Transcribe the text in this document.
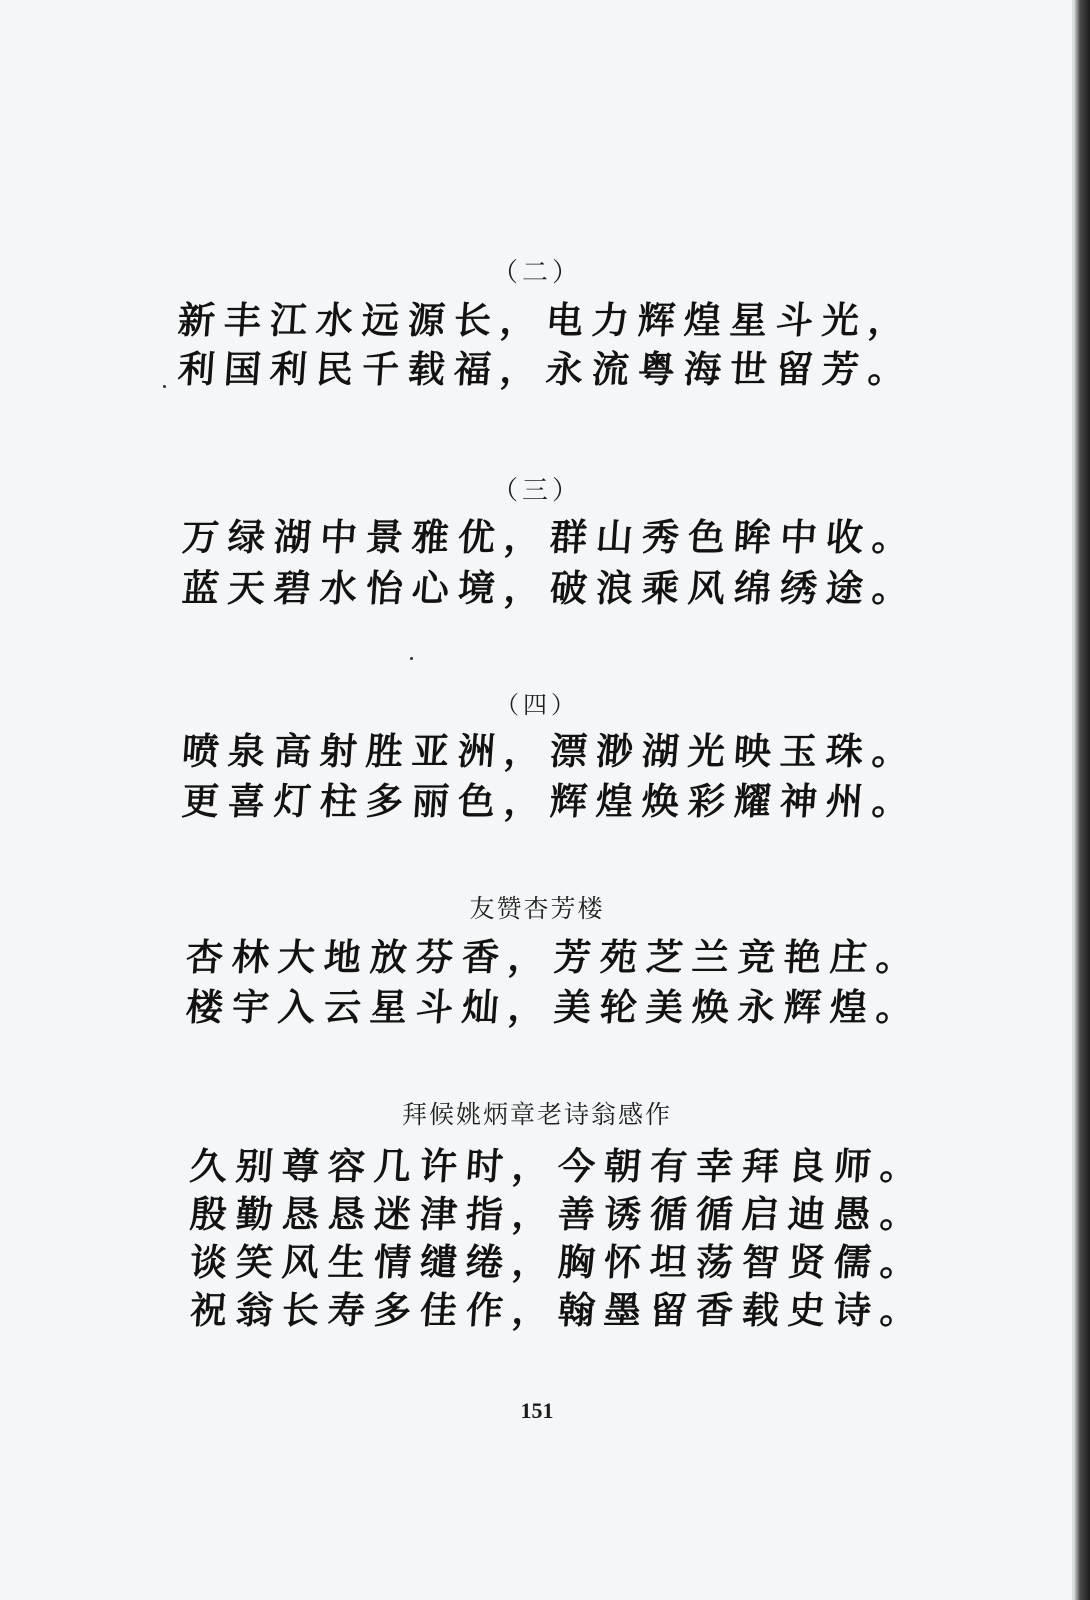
（二）
新丰江水远源长，电力辉煌星斗光，
利国利民千载福，永流粤海世留芳。
（三）
万绿湖中景雅优，群山秀色眸中收。
蓝天碧水怡心境，破浪乘风绵绣途。
（四）
喷泉高射胜亚洲，漂渺湖光映玉珠。
更喜灯柱多丽色，辉煌焕彩耀神州。
友赞杏芳楼
杏林大地放芬香，芳苑芝兰竞艳庄。
楼宇入云星斗灿，美轮美焕永辉煌。
拜候姚炳章老诗翁感作
久别尊容几许时，今朝有幸拜良师。
殷勤恳恳迷津指，善诱循循启迪愚。
谈笑风生情缱绻，胸怀坦荡智贤儒。
祝翁长寿多佳作，翰墨留香载史诗。
151
